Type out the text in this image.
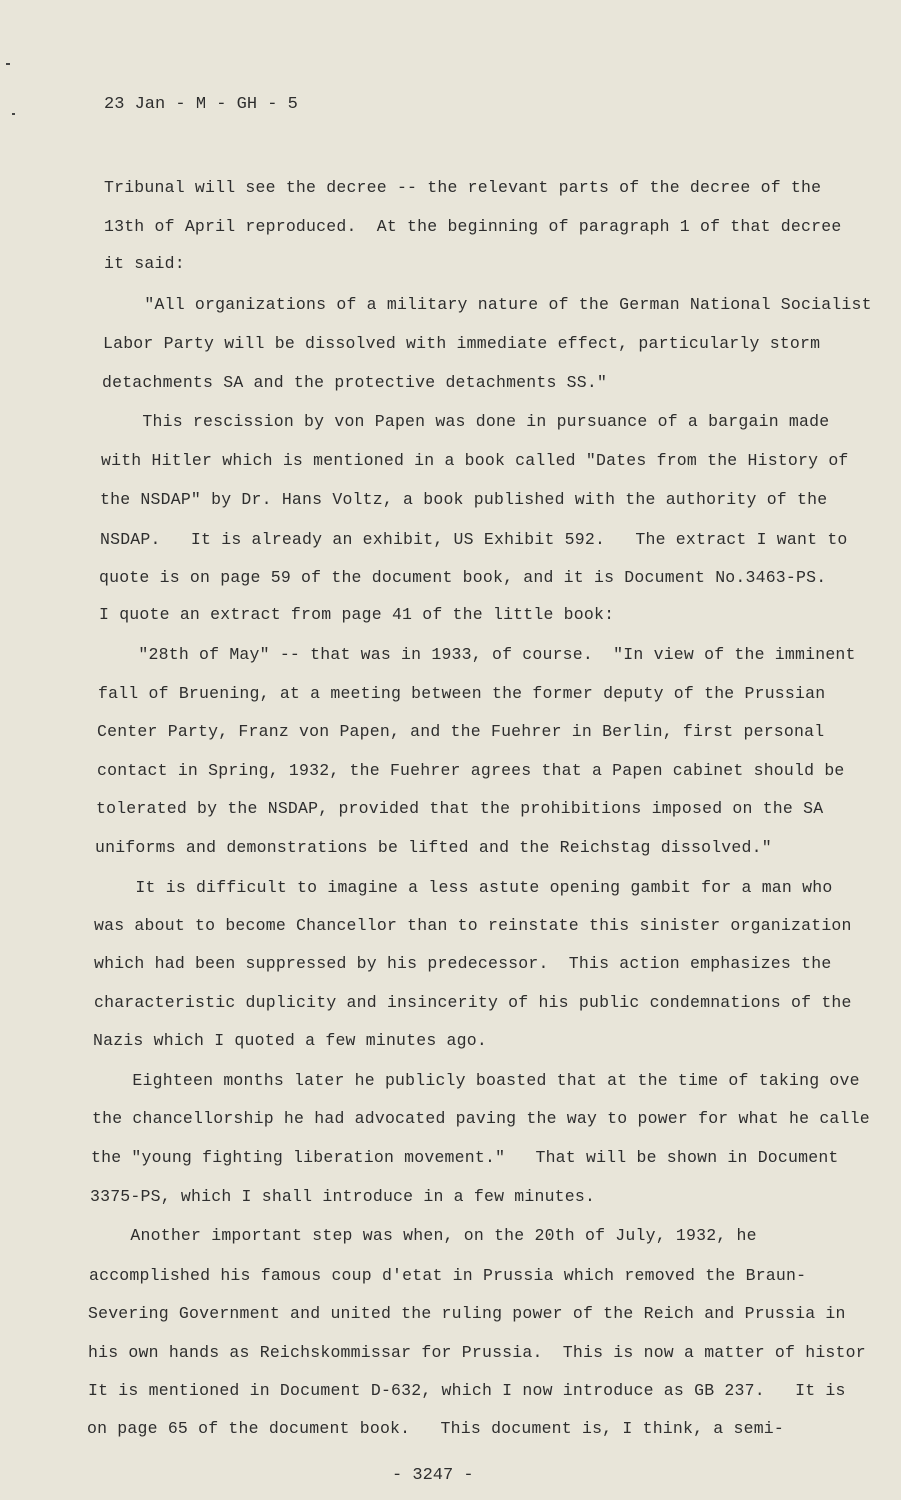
23 Jan - M - GH - 5
Tribunal will see the decree -- the relevant parts of the decree of the
13th of April reproduced.  At the beginning of paragraph 1 of that decree
it said:
"All organizations of a military nature of the German National Socialist
Labor Party will be dissolved with immediate effect, particularly storm
detachments SA and the protective detachments SS."
This rescission by von Papen was done in pursuance of a bargain made
with Hitler which is mentioned in a book called "Dates from the History of
the NSDAP" by Dr. Hans Voltz, a book published with the authority of the
NSDAP.   It is already an exhibit, US Exhibit 592.   The extract I want to
quote is on page 59 of the document book, and it is Document No.3463-PS.
I quote an extract from page 41 of the little book:
"28th of May" -- that was in 1933, of course.  "In view of the imminent
fall of Bruening, at a meeting between the former deputy of the Prussian
Center Party, Franz von Papen, and the Fuehrer in Berlin, first personal
contact in Spring, 1932, the Fuehrer agrees that a Papen cabinet should be
tolerated by the NSDAP, provided that the prohibitions imposed on the SA
uniforms and demonstrations be lifted and the Reichstag dissolved."
It is difficult to imagine a less astute opening gambit for a man who
was about to become Chancellor than to reinstate this sinister organization
which had been suppressed by his predecessor.  This action emphasizes the
characteristic duplicity and insincerity of his public condemnations of the
Nazis which I quoted a few minutes ago.
Eighteen months later he publicly boasted that at the time of taking ove
the chancellorship he had advocated paving the way to power for what he calle
the "young fighting liberation movement."   That will be shown in Document
3375-PS, which I shall introduce in a few minutes.
Another important step was when, on the 20th of July, 1932, he
accomplished his famous coup d'etat in Prussia which removed the Braun-
Severing Government and united the ruling power of the Reich and Prussia in
his own hands as Reichskommissar for Prussia.  This is now a matter of histor
It is mentioned in Document D-632, which I now introduce as GB 237.   It is
on page 65 of the document book.   This document is, I think, a semi-
- 3247 -
